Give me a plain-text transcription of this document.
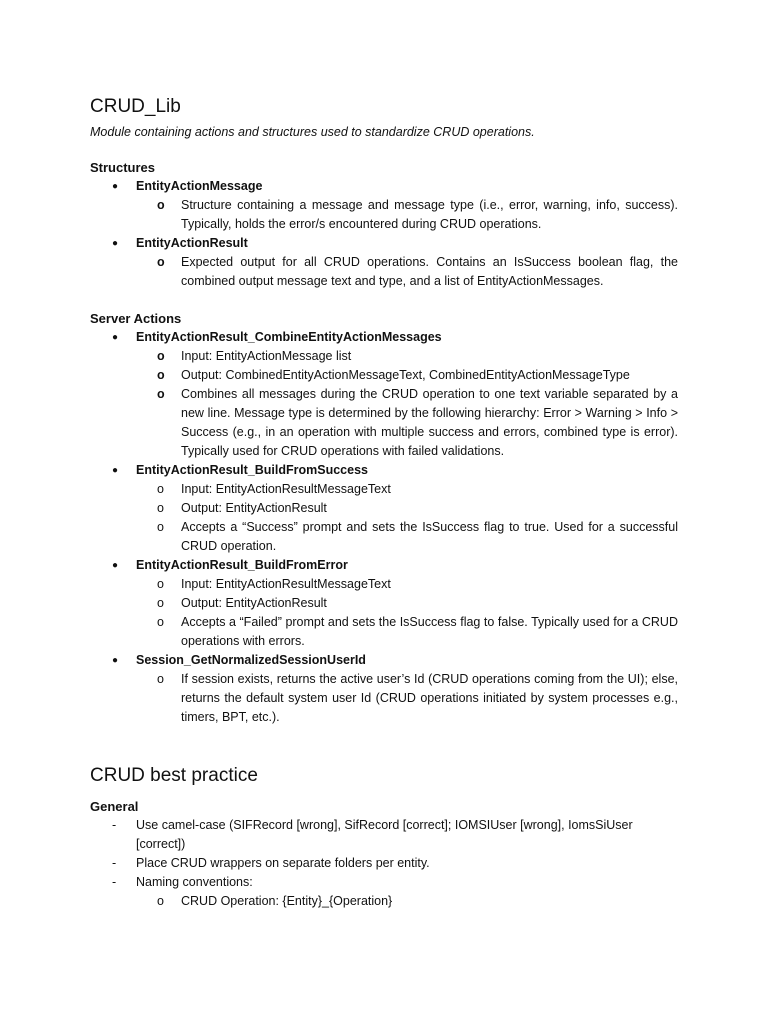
CRUD_Lib

Module containing actions and structures used to standardize CRUD operations.

Structures
● EntityActionMessage
o Structure containing a message and message type (i.e., error, warning, info, success). Typically, holds the error/s encountered during CRUD operations.
● EntityActionResult
o Expected output for all CRUD operations. Contains an IsSuccess boolean flag, the combined output message text and type, and a list of EntityActionMessages.
Server Actions
● EntityActionResult_CombineEntityActionMessages
o Input: EntityActionMessage list
o Output: CombinedEntityActionMessageText, CombinedEntityActionMessageType
o Combines all messages during the CRUD operation to one text variable separated by a new line. Message type is determined by the following hierarchy: Error > Warning > Info > Success (e.g., in an operation with multiple success and errors, combined type is error). Typically used for CRUD operations with failed validations.
● EntityActionResult_BuildFromSuccess
o Input: EntityActionResultMessageText
o Output: EntityActionResult
o Accepts a “Success” prompt and sets the IsSuccess flag to true. Used for a successful CRUD operation.
● EntityActionResult_BuildFromError
o Input: EntityActionResultMessageText
o Output: EntityActionResult
o Accepts a “Failed” prompt and sets the IsSuccess flag to false. Typically used for a CRUD operations with errors.
● Session_GetNormalizedSessionUserId
o If session exists, returns the active user’s Id (CRUD operations coming from the UI); else, returns the default system user Id (CRUD operations initiated by system processes e.g., timers, BPT, etc.).
CRUD best practice
General
- Use camel-case (SIFRecord [wrong], SifRecord [correct]; IOMSIUser [wrong], IomsSiUser [correct])
- Place CRUD wrappers on separate folders per entity.
- Naming conventions:
o CRUD Operation: {Entity}_{Operation}
